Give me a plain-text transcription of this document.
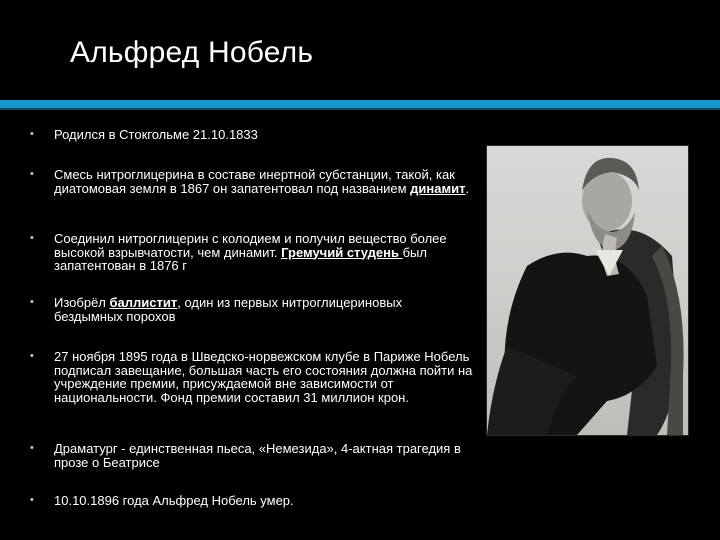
Альфред Нобель
• Родился в Стокгольме 21.10.1833
• Смесь нитроглицерина в составе инертной субстанции, такой, как диатомовая земля в 1867 он запатентовал под названием динамит.
• Соединил нитроглицерин с колодием и получил вещество более высокой взрывчатости, чем динамит. Гремучий студень был запатентован в 1876 г
• Изобрёл баллистит, один из первых нитроглицериновых бездымных порохов
• 27 ноября 1895 года в Шведско-норвежском клубе в Париже Нобель подписал завещание, большая часть его состояния должна пойти на учреждение премии, присуждаемой вне зависимости от национальности. Фонд премии составил 31 миллион крон.
• Драматург - единственная пьеса, «Немезида», 4-актная трагедия в прозе о Беатрисе
• 10.10.1896 года Альфред Нобель умер.
